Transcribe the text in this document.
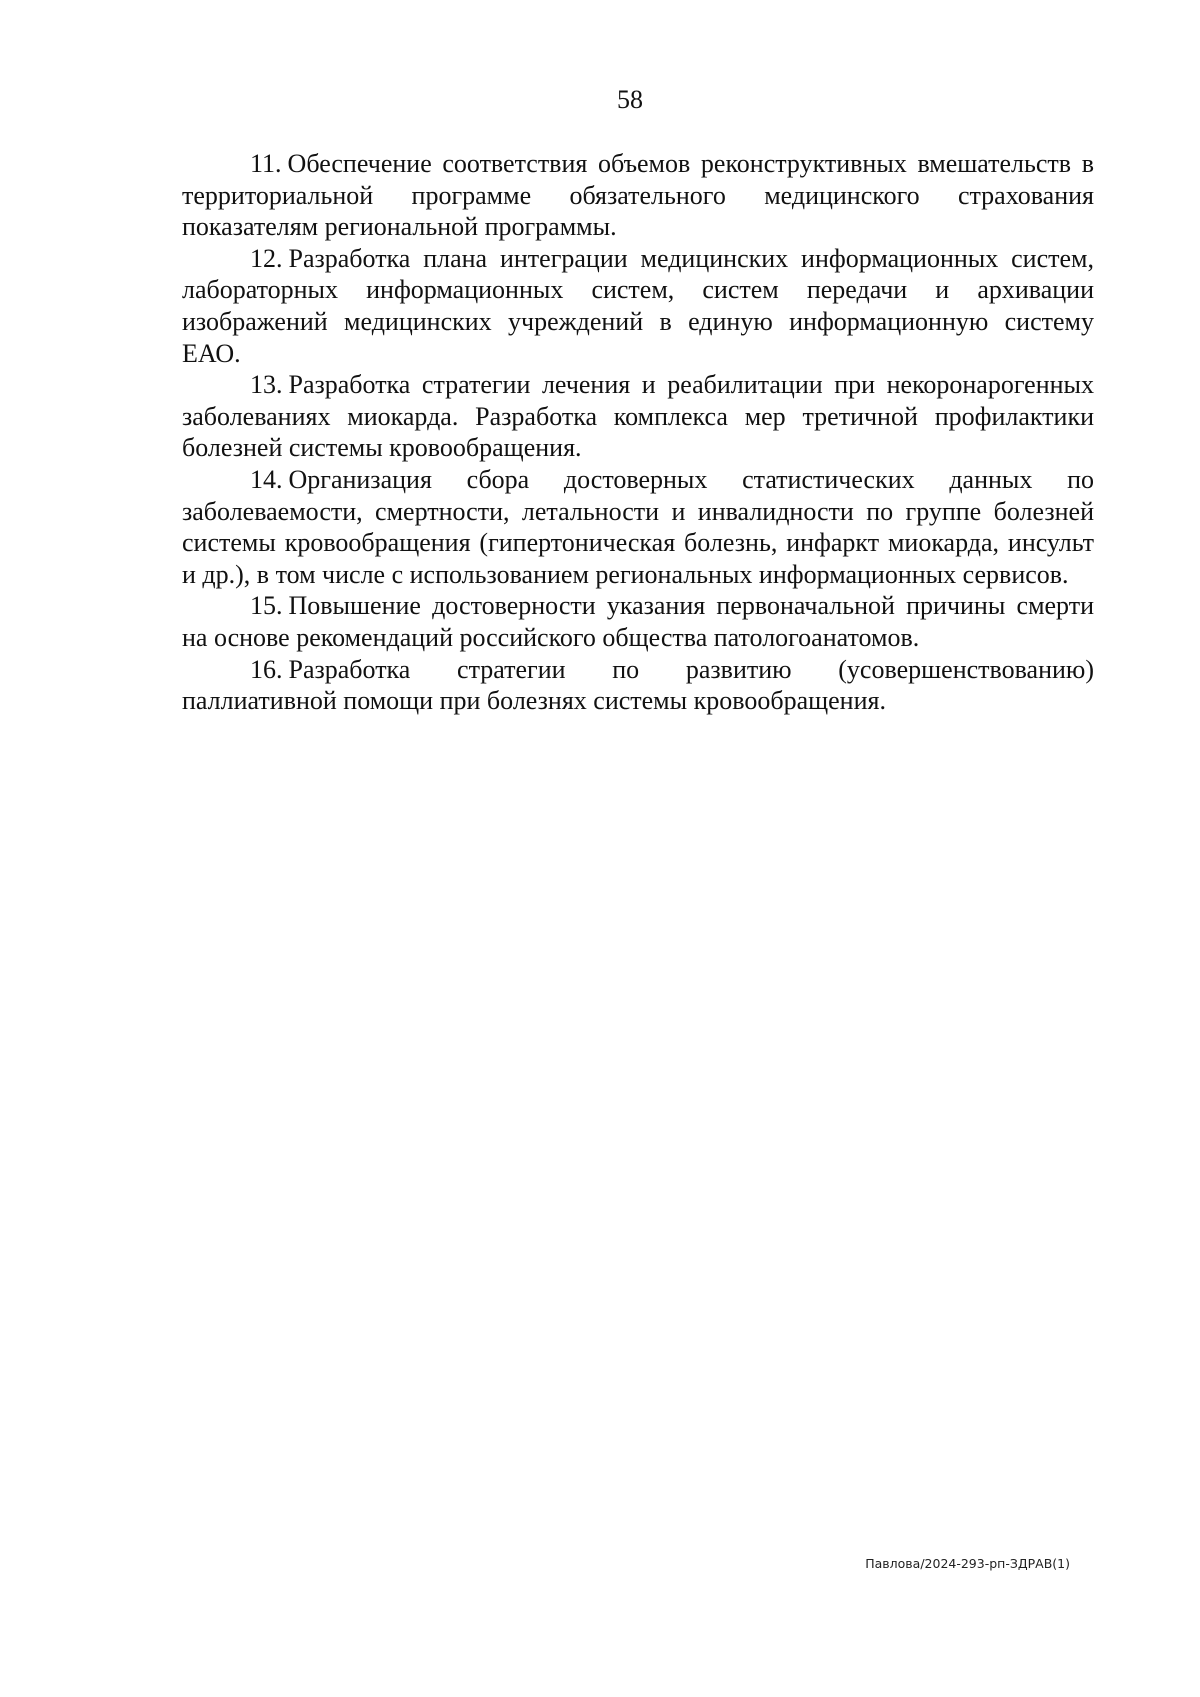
58

11. Обеспечение соответствия объемов реконструктивных вмешательств в территориальной программе обязательного медицинского страхования показателям региональной программы.

12. Разработка плана интеграции медицинских информационных систем, лабораторных информационных систем, систем передачи и архивации изображений медицинских учреждений в единую информационную систему ЕАО.

13. Разработка стратегии лечения и реабилитации при некоронарогенных заболеваниях миокарда. Разработка комплекса мер третичной профилактики болезней системы кровообращения.

14. Организация сбора достоверных статистических данных по заболеваемости, смертности, летальности и инвалидности по группе болезней системы кровообращения (гипертоническая болезнь, инфаркт миокарда, инсульт и др.), в том числе с использованием региональных информационных сервисов.

15. Повышение достоверности указания первоначальной причины смерти на основе рекомендаций российского общества патологоанатомов.

16. Разработка стратегии по развитию (усовершенствованию) паллиативной помощи при болезнях системы кровообращения.

Павлова/2024-293-рп-ЗДРАВ(1)
